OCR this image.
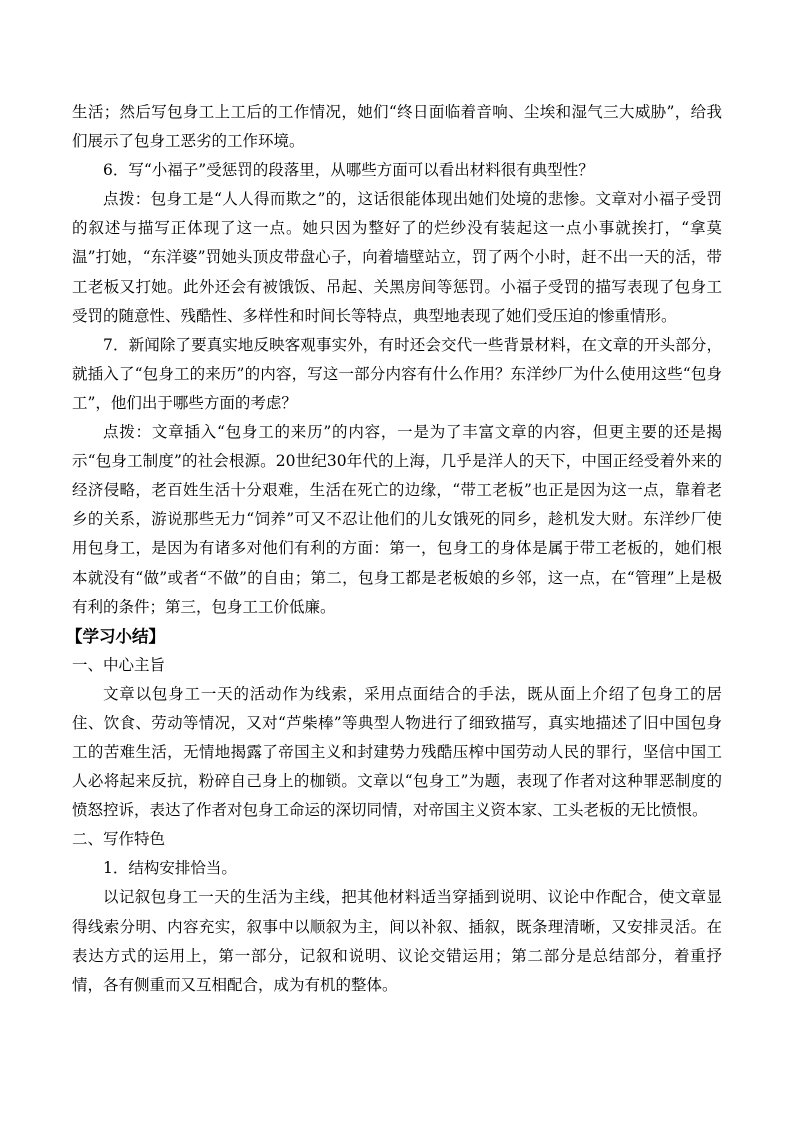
生活；然后写包身工上工后的工作情况，她们“终日面临着音响、尘埃和湿气三大威胁”，给我们展示了包身工恶劣的工作环境。

6．写“小福子”受惩罚的段落里，从哪些方面可以看出材料很有典型性？

点拨：包身工是“人人得而欺之”的，这话很能体现出她们处境的悲惨。文章对小福子受罚的叙述与描写正体现了这一点。她只因为整好了的烂纱没有装起这一点小事就挨打，“拿莫温”打她，“东洋婆”罚她头顶皮带盘心子，向着墙壁站立，罚了两个小时，赶不出一天的活，带工老板又打她。此外还会有被饿饭、吊起、关黑房间等惩罚。小福子受罚的描写表现了包身工受罚的随意性、残酷性、多样性和时间长等特点，典型地表现了她们受压迫的惨重情形。

7．新闻除了要真实地反映客观事实外，有时还会交代一些背景材料，在文章的开头部分，就插入了“包身工的来历”的内容，写这一部分内容有什么作用？东洋纱厂为什么使用这些“包身工”，他们出于哪些方面的考虑？

点拨：文章插入“包身工的来历”的内容，一是为了丰富文章的内容，但更主要的还是揭示“包身工制度”的社会根源。20世纪30年代的上海，几乎是洋人的天下，中国正经受着外来的经济侵略，老百姓生活十分艰难，生活在死亡的边缘，“带工老板”也正是因为这一点，靠着老乡的关系，游说那些无力“饲养”可又不忍让他们的儿女饿死的同乡，趁机发大财。东洋纱厂使用包身工，是因为有诸多对他们有利的方面：第一，包身工的身体是属于带工老板的，她们根本就没有“做”或者“不做”的自由；第二，包身工都是老板娘的乡邻，这一点，在“管理”上是极有利的条件；第三，包身工工价低廉。

【学习小结】

一、中心主旨

文章以包身工一天的活动作为线索，采用点面结合的手法，既从面上介绍了包身工的居住、饮食、劳动等情况，又对“芦柴棒”等典型人物进行了细致描写，真实地描述了旧中国包身工的苦难生活，无情地揭露了帝国主义和封建势力残酷压榨中国劳动人民的罪行，坚信中国工人必将起来反抗，粉碎自己身上的枷锁。文章以“包身工”为题，表现了作者对这种罪恶制度的愤怒控诉，表达了作者对包身工命运的深切同情，对帝国主义资本家、工头老板的无比愤恨。

二、写作特色

1．结构安排恰当。

以记叙包身工一天的生活为主线，把其他材料适当穿插到说明、议论中作配合，使文章显得线索分明、内容充实，叙事中以顺叙为主，间以补叙、插叙，既条理清晰，又安排灵活。在表达方式的运用上，第一部分，记叙和说明、议论交错运用；第二部分是总结部分，着重抒情，各有侧重而又互相配合，成为有机的整体。
